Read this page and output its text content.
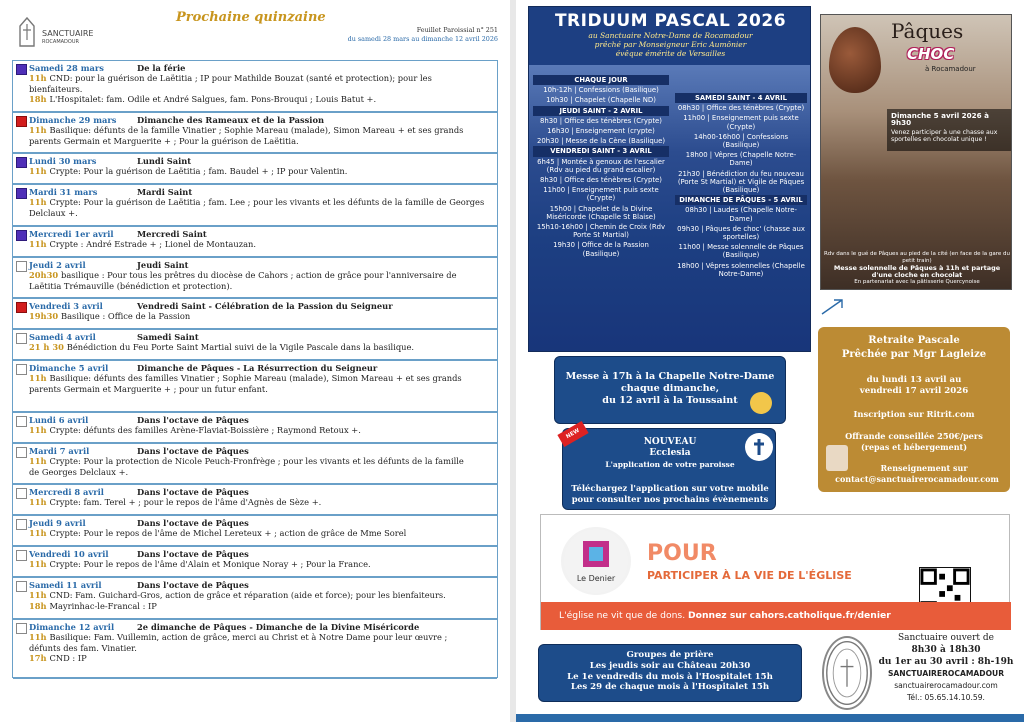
SANCTUAIRE
ROCAMADOUR
Prochaine quinzaine
Feuillet Paroissial n° 251
du samedi 28 mars au dimanche 12 avril 2026
Samedi 28 mars	De la férie
11h CND: pour la guérison de Laëtitia ; IP pour Mathilde Bouzat (santé et protection); pour les
bienfaiteurs.
18h L'Hospitalet: fam. Odile et André Salgues, fam. Pons-Brouqui ; Louis Batut +.
Dimanche 29 mars Dimanche des Rameaux et de la Passion
11h Basilique: défunts de la famille Vinatier ; Sophie Mareau (malade), Simon Mareau + et ses grands
parents Germain et Marguerite + ; Pour la guérison de Laëtitia.
Lundi 30 mars	Lundi Saint
11h Crypte: Pour la guérison de Laëtitia ; fam. Baudel + ; IP pour Valentin.
Mardi 31 mars	Mardi Saint
11h Crypte: Pour la guérison de Laëtitia ; fam. Lee ; pour les vivants et les défunts de la famille de Georges
Delclaux +.
Mercredi 1er avril	Mercredi Saint
11h Crypte : André Estrade + ; Lionel de Montauzan.
Jeudi 2 avril	Jeudi Saint
20h30 basilique : Pour tous les prêtres du diocèse de Cahors ; action de grâce pour l'anniversaire de
Laëtitia Trémauville (bénédiction et protection).
Vendredi 3 avril	Vendredi Saint - Célébration de la Passion du Seigneur
19h30 Basilique : Office de la Passion
Samedi 4 avril	Samedi Saint
21 h 30 Bénédiction du Feu Porte Saint Martial suivi de la Vigile Pascale dans la basilique.
Dimanche 5 avril	Dimanche de Pâques - La Résurrection du Seigneur
11h Basilique: défunts des familles Vinatier ; Sophie Mareau (malade), Simon Mareau + et ses grands
parents Germain et Marguerite + ; pour un futur enfant.
Lundi 6 avril	Dans l'octave de Pâques
11h Crypte: défunts des familles Arène-Flaviat-Boissière ; Raymond Retoux +.
Mardi 7 avril	Dans l'octave de Pâques
11h Crypte: Pour la protection de Nicole Peuch-Fronfrège ; pour les vivants et les défunts de la famille
de Georges Delclaux +.
Mercredi 8 avril	Dans l'octave de Pâques
11h Crypte: fam. Terel + ; pour le repos de l'âme d'Agnès de Sèze +.
Jeudi 9 avril	Dans l'octave de Pâques
11h Crypte: Pour le repos de l'âme de Michel Lereteux + ; action de grâce de Mme Sorel
Vendredi 10 avril	Dans l'octave de Pâques
11h Crypte: Pour le repos de l'âme d'Alain et Monique Noray + ; Pour la France.
Samedi 11 avril	Dans l'octave de Pâques
11h CND: Fam. Guichard-Gros, action de grâce et réparation (aide et force); pour les bienfaiteurs.
18h Mayrinhac-le-Francal : IP
Dimanche 12 avril	2e dimanche de Pâques - Dimanche de la Divine Miséricorde
11h Basilique: Fam. Vuillemin, action de grâce, merci au Christ et à Notre Dame pour leur œuvre ;
défunts des fam. Vinatier.
17h CND : IP
TRIDUUM PASCAL 2026
au Sanctuaire Notre-Dame de Rocamadour
prêché par Monseigneur Eric Aumônier
évêque émérite de Versailles
CHAQUE JOUR
10h-12h | Confessions (Basilique)
10h30 | Chapelet (Chapelle ND)
JEUDI SAINT - 2 AVRIL
8h30 | Office des ténèbres (Crypte)
16h30 | Enseignement (crypte)
20h30 | Messe de la Cène (Basilique)
VENDREDI SAINT - 3 AVRIL
6h45 | Montée à genoux de l'escalier (Rdv au pied du grand escalier)
8h30 | Office des ténèbres (Crypte)
11h00 | Enseignement puis sexte (Crypte)
15h00 | Chapelet de la Divine Miséricorde (Chapelle St Blaise)
15h10-16h00 | Chemin de Croix (Rdv Porte St Martial)
19h30 | Office de la Passion (Basilique)
SAMEDI SAINT - 4 AVRIL
08h30 | Office des ténèbres (Crypte)
11h00 | Enseignement puis sexte (Crypte)
14h00-16h00 | Confessions (Basilique)
18h00 | Vêpres (Chapelle Notre-Dame)
21h30 | Bénédiction du feu nouveau (Porte St Martial) et Vigile de Pâques (Basilique)
DIMANCHE DE PÂQUES - 5 AVRIL
08h30 | Laudes (Chapelle Notre-Dame)
09h30 | Pâques de choc' (chasse aux sportelles)
11h00 | Messe solennelle de Pâques (Basilique)
18h00 | Vêpres solennelles (Chapelle Notre-Dame)
Pâques
CHOC
à Rocamadour
Dimanche 5 avril 2026 à 9h30
Venez participer à une chasse aux sportelles en chocolat unique !
Rdv dans le gué de Pâques au pied de la cité (en face de la gare du petit train)
Messe solennelle de Pâques à 11h et partage d'une cloche en chocolat
En partenariat avec la pâtisserie Quercynoise
Retraite Pascale
Prêchée par Mgr Lagleize
du lundi 13 avril au
vendredi 17 avril 2026
Inscription sur Ritrit.com
Offrande conseillée 250€/pers
(repas et hébergement)
Renseignement sur
contact@sanctuairerocamadour.com
Messe à 17h à la Chapelle Notre-Dame
chaque dimanche,
du 12 avril à la Toussaint
NEW
NOUVEAU
Ecclesia
L'application de votre paroisse
Téléchargez l'application sur votre mobile
pour consulter nos prochains évènements
Le Denier
POUR
PARTICIPER À LA VIE DE L'ÉGLISE
L'église ne vit que de dons. Donnez sur cahors.catholique.fr/denier
Groupes de prière
Les jeudis soir au Château 20h30
Le 1e vendredis du mois à l'Hospitalet 15h
Les 29 de chaque mois à l'Hospitalet 15h
Sanctuaire ouvert de
8h30 à 18h30
du 1er au 30 avril : 8h-19h
SANCTUAIREROCAMADOUR
sanctuairerocamadour.com
Tél.: 05.65.14.10.59.
